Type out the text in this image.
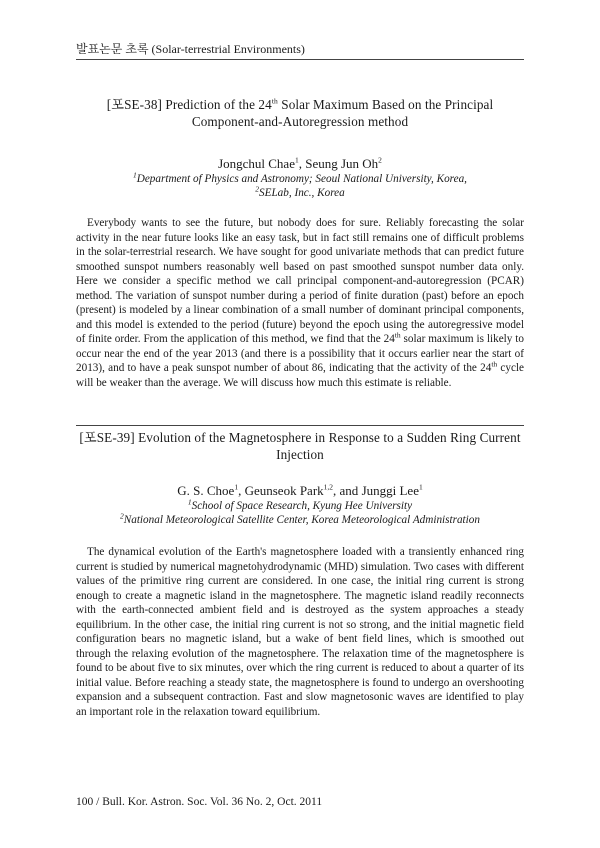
발표논문 초록 (Solar-terrestrial Environments)

[포SE-38] Prediction of the 24th Solar Maximum Based on the Principal Component-and-Autoregression method

Jongchul Chae$^1$, Seung Jun Oh$^2$

$^1$Department of Physics and Astronomy; Seoul National University, Korea,

$^2$SELab, Inc., Korea

Everybody wants to see the future, but nobody does for sure. Reliably forecasting the solar activity in the near future looks like an easy task, but in fact still remains one of difficult problems in the solar-terrestrial research. We have sought for good univariate methods that can predict future smoothed sunspot numbers reasonably well based on past smoothed sunspot number data only. Here we consider a specific method we call principal component-and-autoregression (PCAR) method. The variation of sunspot number during a period of finite duration (past) before an epoch (present) is modeled by a linear combination of a small number of dominant principal components, and this model is extended to the period (future) beyond the epoch using the autoregressive model of finite order. From the application of this method, we find that the 24th solar maximum is likely to occur near the end of the year 2013 (and there is a possibility that it occurs earlier near the start of 2013), and to have a peak sunspot number of about 86, indicating that the activity of the 24th cycle will be weaker than the average. We will discuss how much this estimate is reliable.

[포SE-39] Evolution of the Magnetosphere in Response to a Sudden Ring Current Injection

G. S. Choe$^1$, Geunseok Park$^{1,2}$, and Junggi Lee$^1$

$^1$School of Space Research, Kyung Hee University

$^2$National Meteorological Satellite Center, Korea Meteorological Administration

The dynamical evolution of the Earth's magnetosphere loaded with a transiently enhanced ring current is studied by numerical magnetohydrodynamic (MHD) simulation. Two cases with different values of the primitive ring current are considered. In one case, the initial ring current is strong enough to create a magnetic island in the magnetosphere. The magnetic island readily reconnects with the earth-connected ambient field and is destroyed as the system approaches a steady equilibrium. In the other case, the initial ring current is not so strong, and the initial magnetic field configuration bears no magnetic island, but a wake of bent field lines, which is smoothed out through the relaxing evolution of the magnetosphere. The relaxation time of the magnetosphere is found to be about five to six minutes, over which the ring current is reduced to about a quarter of its initial value. Before reaching a steady state, the magnetosphere is found to undergo an overshooting expansion and a subsequent contraction. Fast and slow magnetosonic waves are identified to play an important role in the relaxation toward equilibrium.

100 / Bull. Kor. Astron. Soc. Vol. 36 No. 2, Oct. 2011
